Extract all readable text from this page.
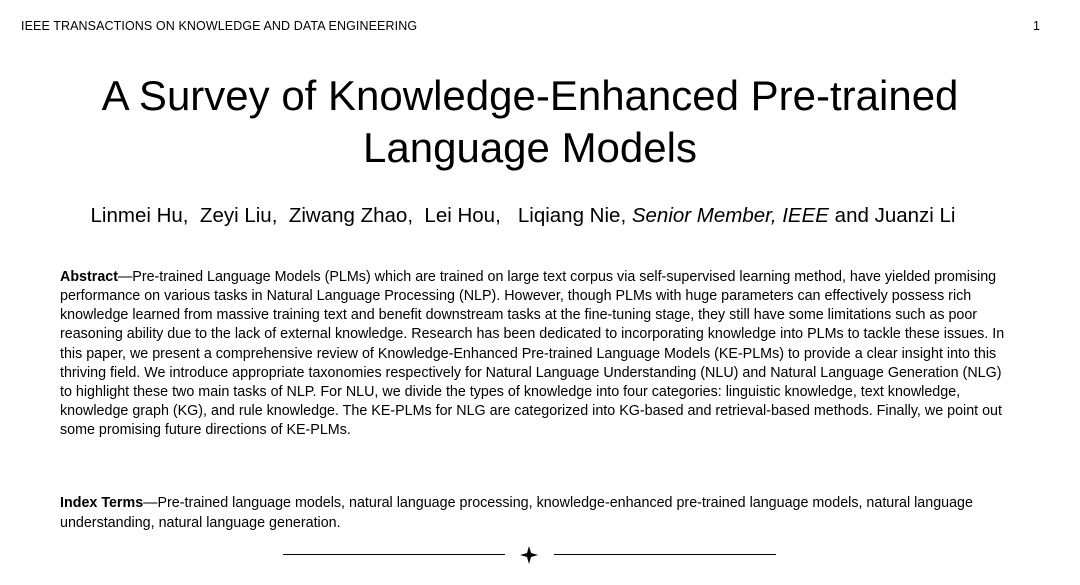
IEEE TRANSACTIONS ON KNOWLEDGE AND DATA ENGINEERING	1
A Survey of Knowledge-Enhanced Pre-trained
Language Models
Linmei Hu, Zeyi Liu, Ziwang Zhao, Lei Hou, Liqiang Nie, Senior Member, IEEE and Juanzi Li

Abstract—Pre-trained Language Models (PLMs) which are trained on large text corpus via self-supervised learning method, have yielded promising performance on various tasks in Natural Language Processing (NLP). However, though PLMs with huge parameters can effectively possess rich knowledge learned from massive training text and benefit downstream tasks at the fine-tuning stage, they still have some limitations such as poor reasoning ability due to the lack of external knowledge. Research has been dedicated to incorporating knowledge into PLMs to tackle these issues. In this paper, we present a comprehensive review of Knowledge-Enhanced Pre-trained Language Models (KE-PLMs) to provide a clear insight into this thriving field. We introduce appropriate taxonomies respectively for Natural Language Understanding (NLU) and Natural Language Generation (NLG) to highlight these two main tasks of NLP. For NLU, we divide the types of knowledge into four categories: linguistic knowledge, text knowledge, knowledge graph (KG), and rule knowledge. The KE-PLMs for NLG are categorized into KG-based and retrieval-based methods. Finally, we point out some promising future directions of KE-PLMs.

Index Terms—Pre-trained language models, natural language processing, knowledge-enhanced pre-trained language models, natural language understanding, natural language generation.
